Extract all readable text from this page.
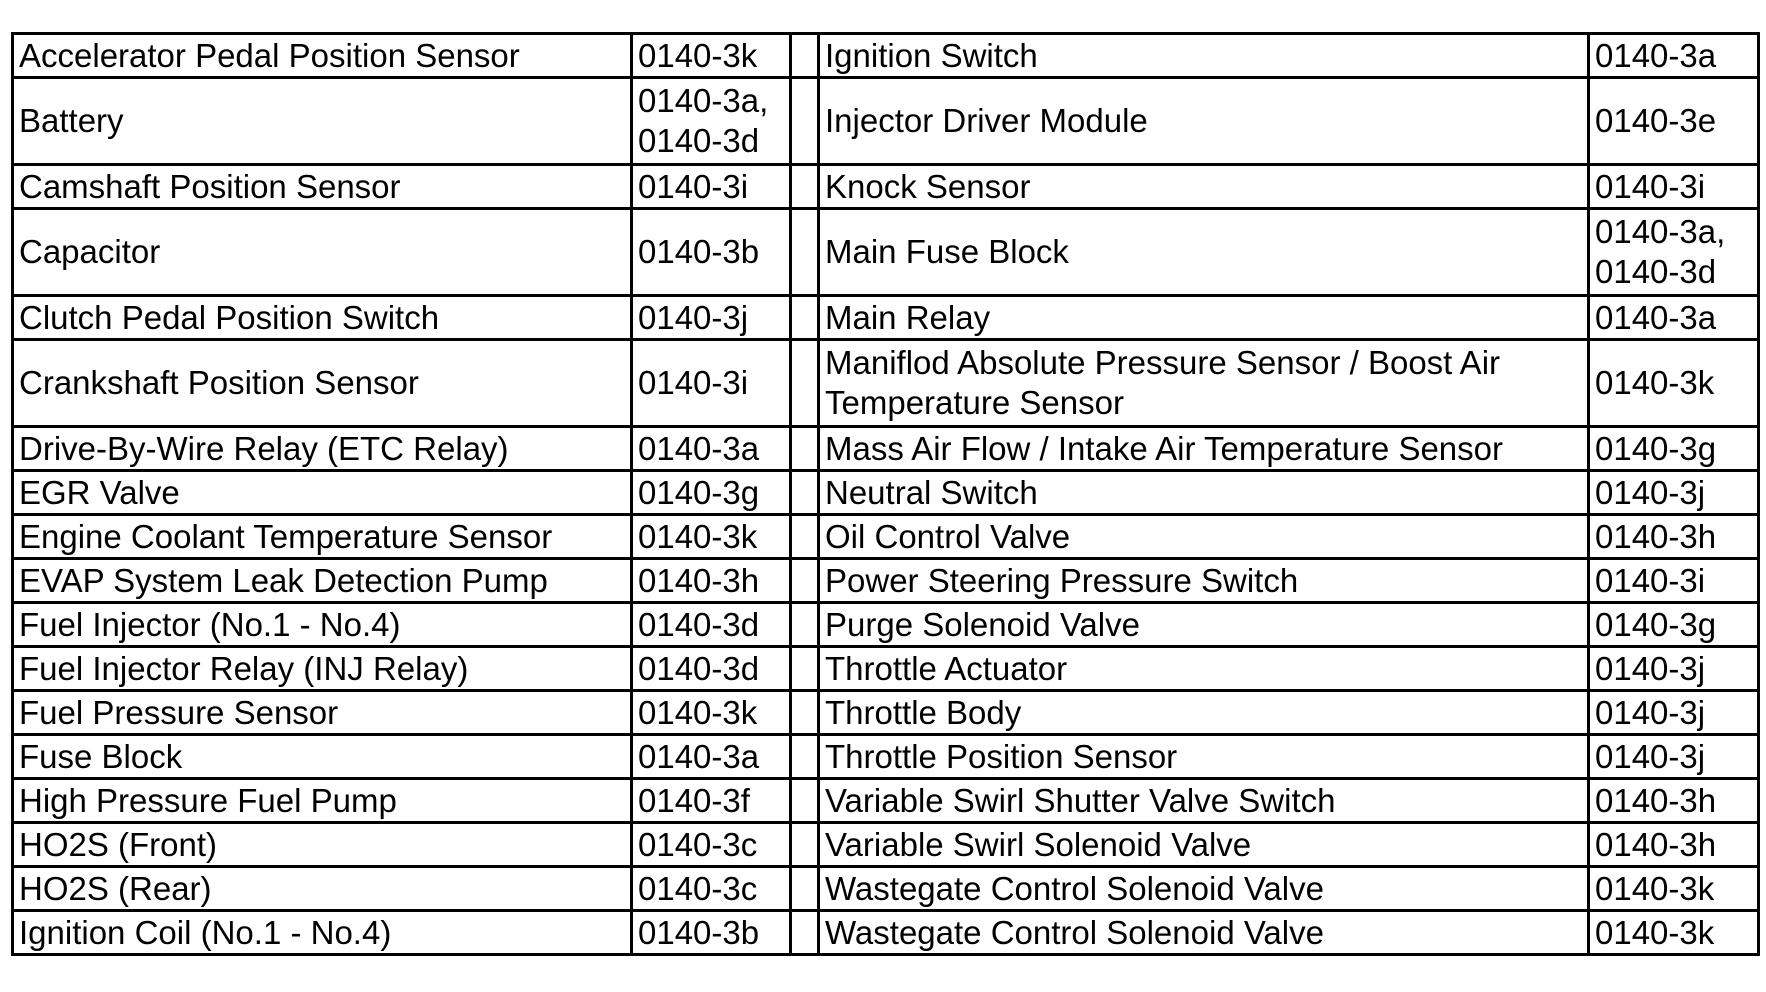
Accelerator Pedal Position Sensor	0140-3k		Ignition Switch	0140-3a
Battery	0140-3a, 0140-3d		Injector Driver Module	0140-3e
Camshaft Position Sensor	0140-3i		Knock Sensor	0140-3i
Capacitor	0140-3b		Main Fuse Block	0140-3a, 0140-3d
Clutch Pedal Position Switch	0140-3j		Main Relay	0140-3a
Crankshaft Position Sensor	0140-3i		Maniflod Absolute Pressure Sensor / Boost Air Temperature Sensor	0140-3k
Drive-By-Wire Relay (ETC Relay)	0140-3a		Mass Air Flow / Intake Air Temperature Sensor	0140-3g
EGR Valve	0140-3g		Neutral Switch	0140-3j
Engine Coolant Temperature Sensor	0140-3k		Oil Control Valve	0140-3h
EVAP System Leak Detection Pump	0140-3h		Power Steering Pressure Switch	0140-3i
Fuel Injector (No.1 - No.4)	0140-3d		Purge Solenoid Valve	0140-3g
Fuel Injector Relay (INJ Relay)	0140-3d		Throttle Actuator	0140-3j
Fuel Pressure Sensor	0140-3k		Throttle Body	0140-3j
Fuse Block	0140-3a		Throttle Position Sensor	0140-3j
High Pressure Fuel Pump	0140-3f		Variable Swirl Shutter Valve Switch	0140-3h
HO2S (Front)	0140-3c		Variable Swirl Solenoid Valve	0140-3h
HO2S (Rear)	0140-3c		Wastegate Control Solenoid Valve	0140-3k
Ignition Coil (No.1 - No.4)	0140-3b		Wastegate Control Solenoid Valve	0140-3k
